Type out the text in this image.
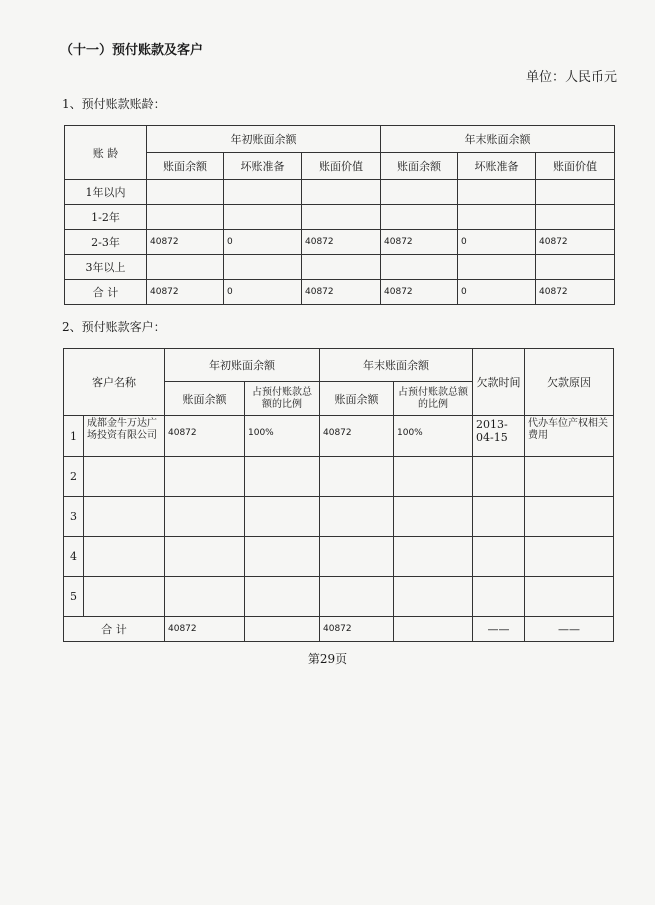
（十一）预付账款及客户
单位：人民币元
1、预付账款账龄：
账 龄	年初账面余额			年末账面余额		
	账面余额	坏账准备	账面价值	账面余额	坏账准备	账面价值
1年以内						
1-2年						
2-3年	40872	0	40872	40872	0	40872
3年以上						
合 计	40872	0	40872	40872	0	40872
2、预付账款客户：
客户名称		年初账面余额		年末账面余额		欠款时间	欠款原因
		账面余额	占预付账款总额的比例	账面余额	占预付账款总额的比例		
1	成都金牛万达广场投资有限公司	40872	100%	40872	100%	2013-04-15	代办车位产权相关费用
2							
3							
4							
5							
合 计		40872		40872		——	——
第29页
